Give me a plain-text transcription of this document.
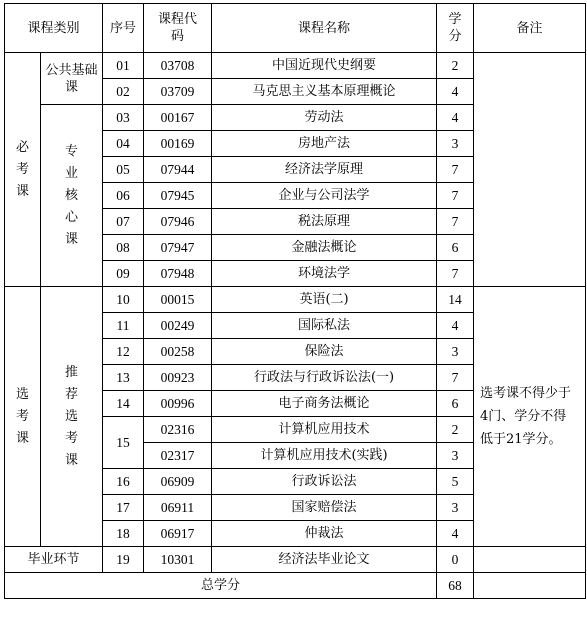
课程类别		序号	课程代码	课程名称	学分	备注
必考课	公共基础课	01	03708	中国近现代史纲要	2	
		02	03709	马克思主义基本原理概论	4	
	专业核心课	03	00167	劳动法	4	
		04	00169	房地产法	3	
		05	07944	经济法学原理	7	
		06	07945	企业与公司法学	7	
		07	07946	税法原理	7	
		08	07947	金融法概论	6	
		09	07948	环境法学	7	
选考课	推荐选考课	10	00015	英语(二)	14	选考课不得少于4门、学分不得低于21学分。
		11	00249	国际私法	4	
		12	00258	保险法	3	
		13	00923	行政法与行政诉讼法(一)	7	
		14	00996	电子商务法概论	6	
		15	02316	计算机应用技术	2	
			02317	计算机应用技术(实践)	3	
		16	06909	行政诉讼法	5	
		17	06911	国家赔偿法	3	
		18	06917	仲裁法	4	
毕业环节		19	10301	经济法毕业论文	0	
总学分					68	
